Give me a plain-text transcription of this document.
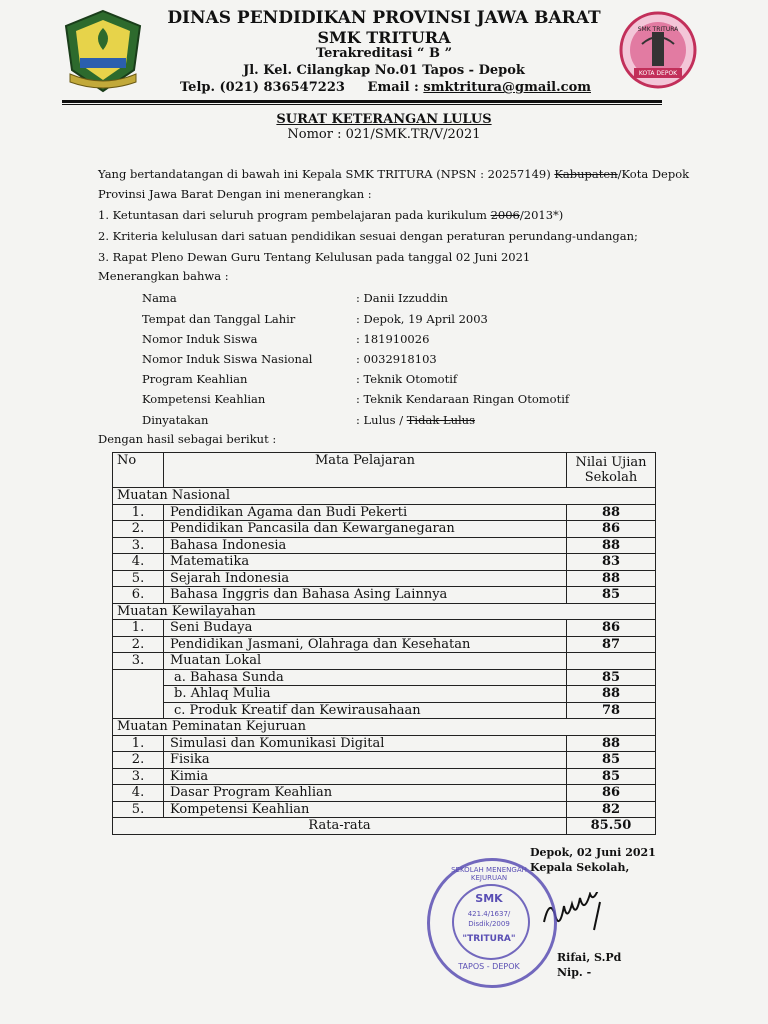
SMK TRITURA
KOTA DEPOK
DINAS PENDIDIKAN PROVINSI JAWA BARAT
SMK TRITURA
Terakreditasi “ B ”
Jl. Kel. Cilangkap No.01 Tapos - Depok
Telp. (021) 836547223 Email : smktritura@gmail.com
SURAT KETERANGAN LULUS
Nomor : 021/SMK.TR/V/2021
Yang bertandatangan di bawah ini Kepala SMK TRITURA (NPSN : 20257149) Kabupaten/Kota Depok
Provinsi Jawa Barat Dengan ini menerangkan :
1. Ketuntasan dari seluruh program pembelajaran pada kurikulum 2006/2013*)
2. Kriteria kelulusan dari satuan pendidikan sesuai dengan peraturan perundang-undangan;
3. Rapat Pleno Dewan Guru Tentang Kelulusan pada tanggal 02 Juni 2021
Menerangkan bahwa :
Nama	: Danii Izzuddin
Tempat dan Tanggal Lahir	: Depok, 19 April 2003
Nomor Induk Siswa	: 181910026
Nomor Induk Siswa Nasional	: 0032918103
Program Keahlian	: Teknik Otomotif
Kompetensi Keahlian	: Teknik Kendaraan Ringan Otomotif
Dinyatakan	: Lulus / Tidak Lulus
Dengan hasil sebagai berikut :
No	Mata Pelajaran	Nilai Ujian
Sekolah

Muatan Nasional		
1.	Pendidikan Agama dan Budi Pekerti	88
2.	Pendidikan Pancasila dan Kewarganegaran	86
3.	Bahasa Indonesia	88
4.	Matematika	83
5.	Sejarah Indonesia	88
6.	Bahasa Inggris dan Bahasa Asing Lainnya	85
Muatan Kewilayahan		
1.	Seni Budaya	86
2.	Pendidikan Jasmani, Olahraga dan Kesehatan	87
3.	Muatan Lokal	
	a. Bahasa Sunda	85
	b. Ahlaq Mulia	88
	c. Produk Kreatif dan Kewirausahaan	78
Muatan Peminatan Kejuruan		
1.	Simulasi dan Komunikasi Digital	88
2.	Fisika	85
3.	Kimia	85
4.	Dasar Program Keahlian	86
5.	Kompetensi Keahlian	82
Rata-rata		85.50
Depok, 02 Juni 2021
Kepala Sekolah,
Rifai, S.Pd
Nip. -
SEKOLAH MENENGAH KEJURUAN
SMK
421.4/1637/
Disdik/2009
"TRITURA"
TAPOS - DEPOK
